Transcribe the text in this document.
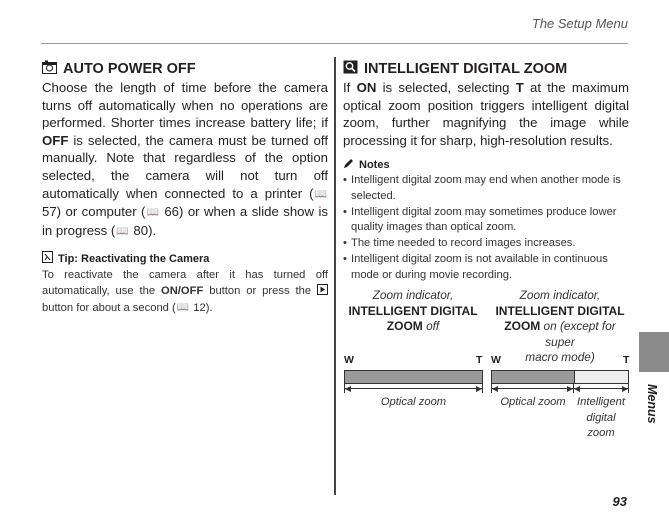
The Setup Menu
AUTO POWER OFF
Choose the length of time before the camera turns off automatically when no operations are performed. Shorter times increase battery life; if OFF is selected, the camera must be turned off manually. Note that regardless of the option selected, the camera will not turn off automatically when connected to a printer (📖 57) or computer (📖 66) or when a slide show is in progress (📖 80).
Tip: Reactivating the Camera
To reactivate the camera after it has turned off automatically, use the ON/OFF button or press the  button for about a second (📖 12).
INTELLIGENT DIGITAL ZOOM
If ON is selected, selecting T at the maximum optical zoom position triggers intelligent digital zoom, further magnifying the image while processing it for sharp, high-resolution results.
Notes
• Intelligent digital zoom may end when another mode is selected.
• Intelligent digital zoom may sometimes produce lower quality images than optical zoom.
• The time needed to record images increases.
• Intelligent digital zoom is not available in continuous mode or during movie recording.
Zoom indicator,
INTELLIGENT DIGITAL
ZOOM off
Zoom indicator,
INTELLIGENT DIGITAL
ZOOM on (except for super
macro mode)
W	T
Optical zoom
W	T
Optical zoom	Intelligent
digital
zoom
Menus
93
